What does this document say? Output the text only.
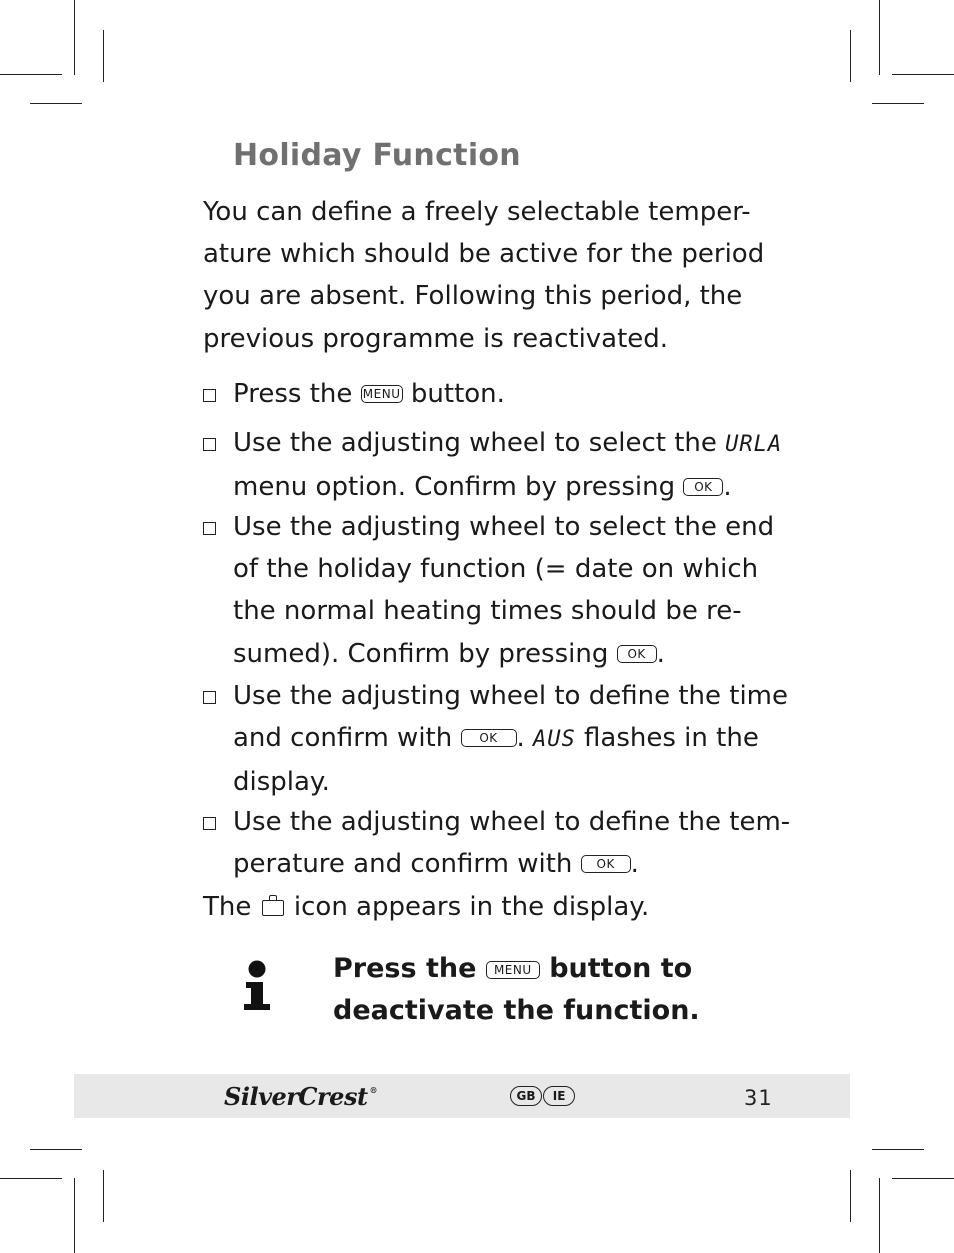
Holiday Function
You can define a freely selectable temper-
ature which should be active for the period
you are absent. Following this period, the
previous programme is reactivated.
Press the MENU button.
Use the adjusting wheel to select the URLA
menu option. Confirm by pressing OK .
Use the adjusting wheel to select the end
of the holiday function (= date on which
the normal heating times should be re-
sumed). Confirm by pressing OK .
Use the adjusting wheel to define the time
and confirm with OK . AUS flashes in the
display.
Use the adjusting wheel to define the tem-
perature and confirm with OK .
The  icon appears in the display.
Press the MENU button to
deactivate the function.
SilverCrest ®	GB IE	31
